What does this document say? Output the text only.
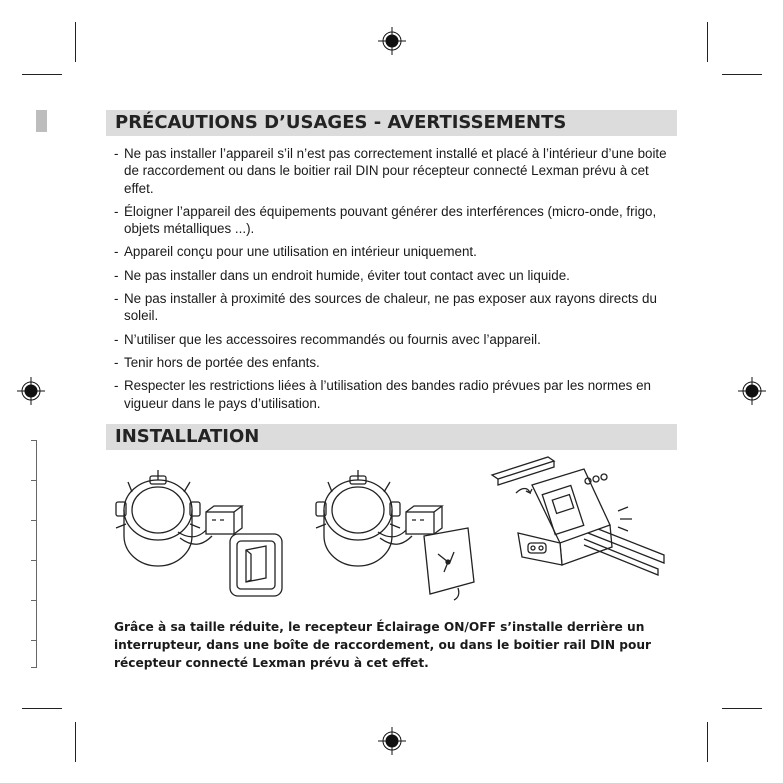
PRÉCAUTIONS D’USAGES - AVERTISSEMENTS
- Ne pas installer l’appareil s’il n’est pas correctement installé et placé à l’intérieur d’une boite de raccordement ou dans le boitier rail DIN pour récepteur connecté Lexman prévu à cet effet.
- Éloigner l’appareil des équipements pouvant générer des interférences (micro-onde, frigo, objets métalliques ...).
- Appareil conçu pour une utilisation en intérieur uniquement.
- Ne pas installer dans un endroit humide, éviter tout contact avec un liquide.
- Ne pas installer à proximité des sources de chaleur, ne pas exposer aux rayons directs du soleil.
- N’utiliser que les accessoires recommandés ou fournis avec l’appareil.
- Tenir hors de portée des enfants.
- Respecter les restrictions liées à l’utilisation des bandes radio prévues par les normes en vigueur dans le pays d’utilisation.
INSTALLATION
Grâce à sa taille réduite, le recepteur Éclairage ON/OFF s’installe derrière un interrupteur, dans une boîte de raccordement, ou dans le boitier rail DIN pour récepteur connecté Lexman prévu à cet effet.
